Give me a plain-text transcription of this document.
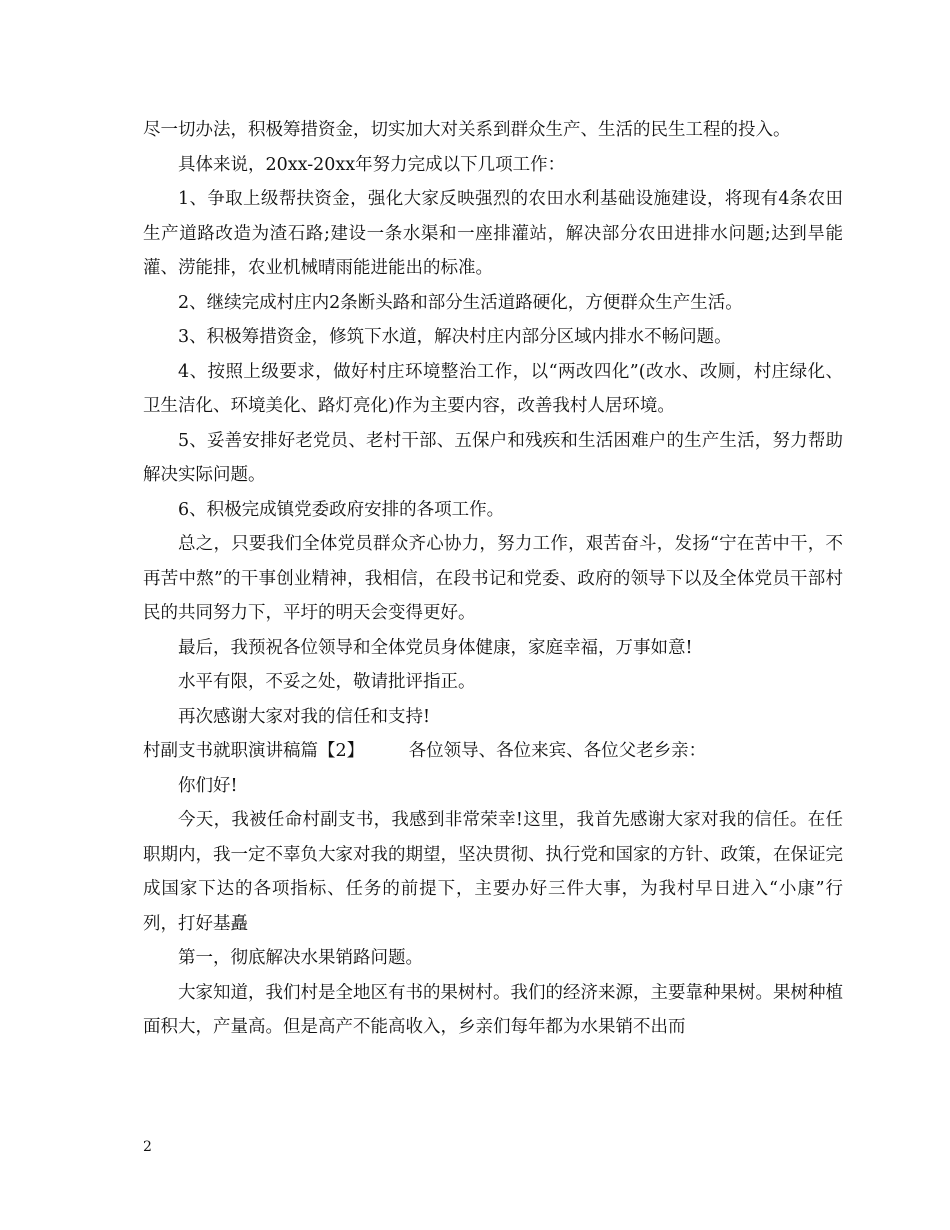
尽一切办法，积极筹措资金，切实加大对关系到群众生产、生活的民生工程的投入。

具体来说，20xx-20xx年努力完成以下几项工作：

1、争取上级帮扶资金，强化大家反映强烈的农田水利基础设施建设，将现有4条农田生产道路改造为渣石路;建设一条水渠和一座排灌站，解决部分农田进排水问题;达到旱能灌、涝能排，农业机械晴雨能进能出的标准。

2、继续完成村庄内2条断头路和部分生活道路硬化，方便群众生产生活。

3、积极筹措资金，修筑下水道，解决村庄内部分区域内排水不畅问题。

4、按照上级要求，做好村庄环境整治工作，以“两改四化”(改水、改厕，村庄绿化、卫生洁化、环境美化、路灯亮化)作为主要内容，改善我村人居环境。

5、妥善安排好老党员、老村干部、五保户和残疾和生活困难户的生产生活，努力帮助解决实际问题。

6、积极完成镇党委政府安排的各项工作。

总之，只要我们全体党员群众齐心协力，努力工作，艰苦奋斗，发扬“宁在苦中干，不再苦中熬”的干事创业精神，我相信，在段书记和党委、政府的领导下以及全体党员干部村民的共同努力下，平圩的明天会变得更好。

最后，我预祝各位领导和全体党员身体健康，家庭幸福，万事如意!

水平有限，不妥之处，敬请批评指正。

再次感谢大家对我的信任和支持!

村副支书就职演讲稿篇【2】        各位领导、各位来宾、各位父老乡亲：

你们好!

今天，我被任命村副支书，我感到非常荣幸!这里，我首先感谢大家对我的信任。在任职期内，我一定不辜负大家对我的期望，坚决贯彻、执行党和国家的方针、政策，在保证完成国家下达的各项指标、任务的前提下，主要办好三件大事，为我村早日进入“小康”行列，打好基矗

第一，彻底解决水果销路问题。

大家知道，我们村是全地区有书的果树村。我们的经济来源，主要靠种果树。果树种植面积大，产量高。但是高产不能高收入，乡亲们每年都为水果销不出而

2
